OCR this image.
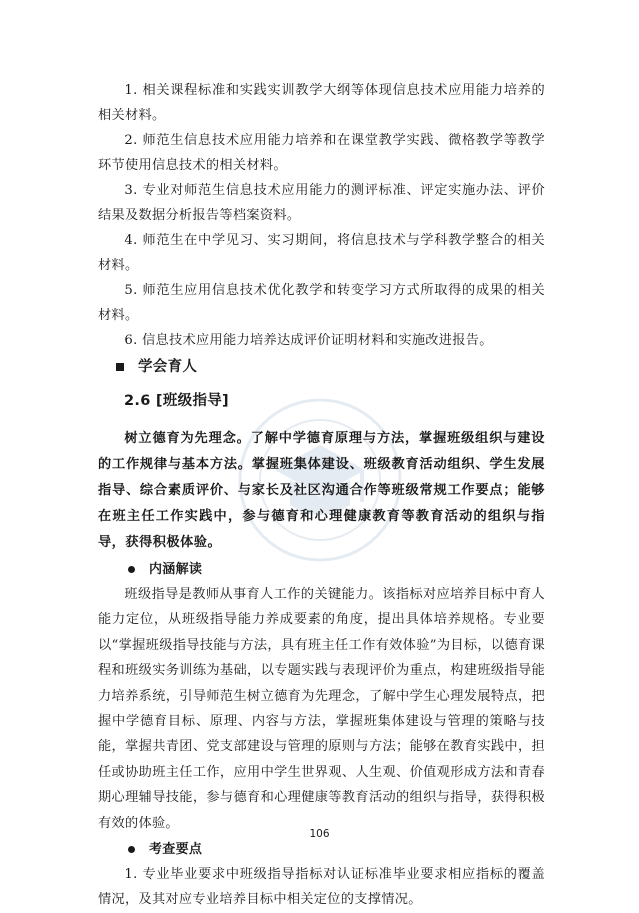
1. 相关课程标准和实践实训教学大纲等体现信息技术应用能力培养的相关材料。

2. 师范生信息技术应用能力培养和在课堂教学实践、微格教学等教学环节使用信息技术的相关材料。

3. 专业对师范生信息技术应用能力的测评标准、评定实施办法、评价结果及数据分析报告等档案资料。

4. 师范生在中学见习、实习期间，将信息技术与学科教学整合的相关材料。

5. 师范生应用信息技术优化教学和转变学习方式所取得的成果的相关材料。

6. 信息技术应用能力培养达成评价证明材料和实施改进报告。

学会育人
2.6 [班级指导]

树立德育为先理念。了解中学德育原理与方法，掌握班级组织与建设的工作规律与基本方法。掌握班集体建设、班级教育活动组织、学生发展指导、综合素质评价、与家长及社区沟通合作等班级常规工作要点；能够在班主任工作实践中，参与德育和心理健康教育等教育活动的组织与指导，获得积极体验。

内涵解读

班级指导是教师从事育人工作的关键能力。该指标对应培养目标中育人能力定位，从班级指导能力养成要素的角度，提出具体培养规格。专业要以“掌握班级指导技能与方法，具有班主任工作有效体验”为目标，以德育课程和班级实务训练为基础，以专题实践与表现评价为重点，构建班级指导能力培养系统，引导师范生树立德育为先理念，了解中学生心理发展特点，把握中学德育目标、原理、内容与方法，掌握班集体建设与管理的策略与技能，掌握共青团、党支部建设与管理的原则与方法；能够在教育实践中，担任或协助班主任工作，应用中学生世界观、人生观、价值观形成方法和青春期心理辅导技能，参与德育和心理健康等教育活动的组织与指导，获得积极有效的体验。

考查要点

1. 专业毕业要求中班级指导指标对认证标准毕业要求相应指标的覆盖情况，及其对应专业培养目标中相关定位的支撑情况。

106
